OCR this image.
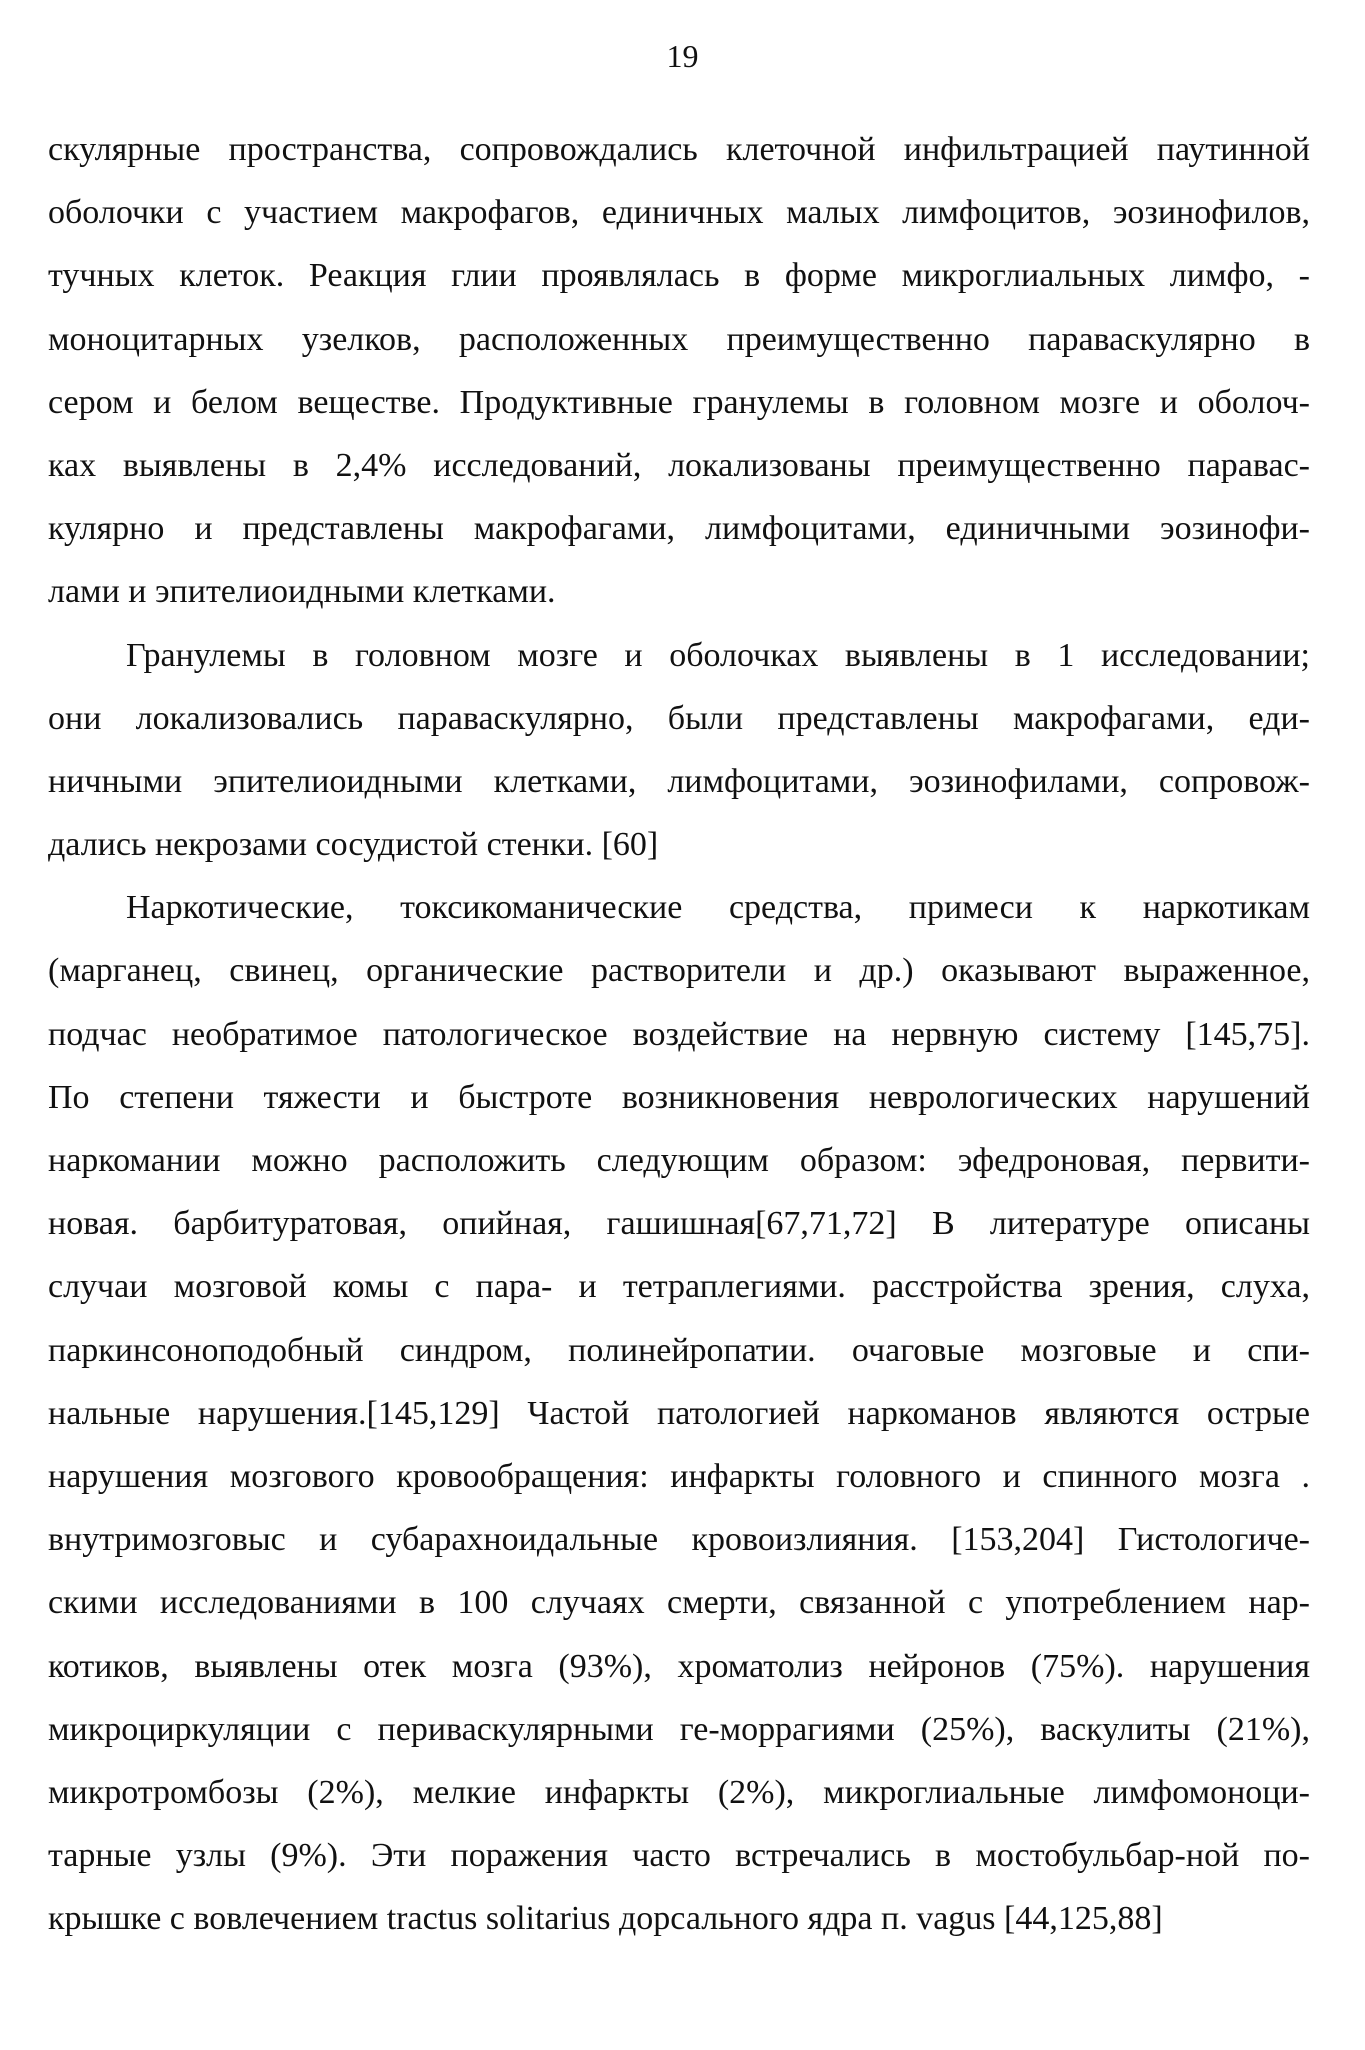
19
скулярные пространства, сопровождались клеточной инфильтрацией паутинной
оболочки с участием макрофагов, единичных малых лимфоцитов, эозинофилов,
тучных клеток. Реакция глии проявлялась в форме микроглиальных лимфо, -
моноцитарных узелков, расположенных преимущественно параваскулярно в
сером и белом веществе. Продуктивные гранулемы в головном мозге и оболоч-
ках выявлены в 2,4% исследований, локализованы преимущественно паравас-
кулярно и представлены макрофагами, лимфоцитами, единичными эозинофи-
лами и эпителиоидными клетками.
Гранулемы в головном мозге и оболочках выявлены в 1 исследовании;
они локализовались параваскулярно, были представлены макрофагами, еди-
ничными эпителиоидными клетками, лимфоцитами, эозинофилами, сопровож-
дались некрозами сосудистой стенки. [60]
Наркотические, токсикоманические средства, примеси к наркотикам
(марганец, свинец, органические растворители и др.) оказывают выраженное,
подчас необратимое патологическое воздействие на нервную систему [145,75].
По степени тяжести и быстроте возникновения неврологических нарушений
наркомании можно расположить следующим образом: эфедроновая, первити-
новая. барбитуратовая, опийная, гашишная[67,71,72] В литературе описаны
случаи мозговой комы с пара- и тетраплегиями. расстройства зрения, слуха,
паркинсоноподобный синдром, полинейропатии. очаговые мозговые и спи-
нальные нарушения.[145,129] Частой патологией наркоманов являются острые
нарушения мозгового кровообращения: инфаркты головного и спинного мозга .
внутримозговыс и субарахноидальные кровоизлияния. [153,204] Гистологиче-
скими исследованиями в 100 случаях смерти, связанной с употреблением нар-
котиков, выявлены отек мозга (93%), хроматолиз нейронов (75%). нарушения
микроциркуляции с периваскулярными ге-моррагиями (25%), васкулиты (21%),
микротромбозы (2%), мелкие инфаркты (2%), микроглиальные лимфомоноци-
тарные узлы (9%). Эти поражения часто встречались в мостобульбар-ной по-
крышке с вовлечением tractus solitarius дорсального ядра п. vagus [44,125,88]
